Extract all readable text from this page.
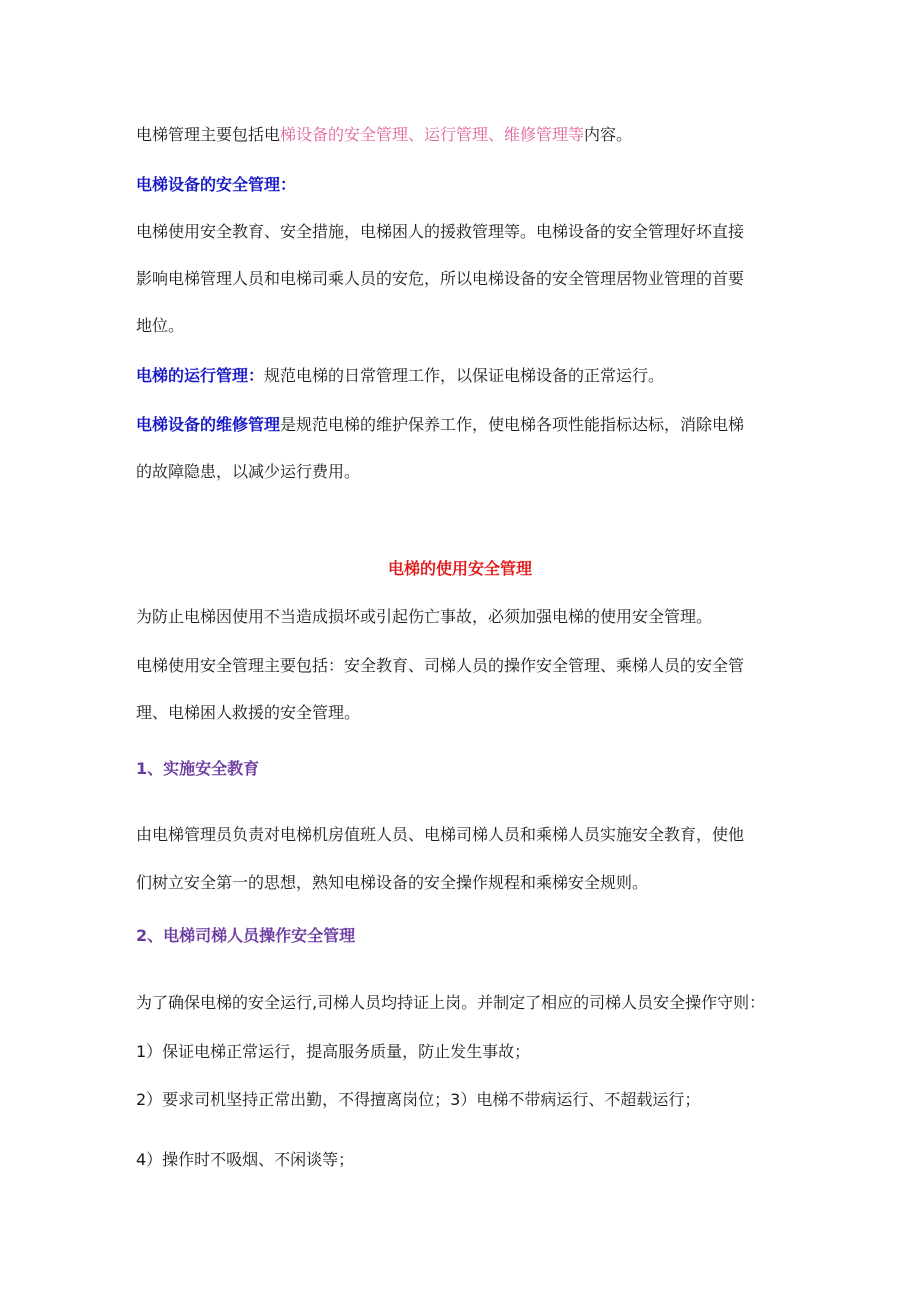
电梯管理主要包括电梯设备的安全管理、运行管理、维修管理等内容。
电梯设备的安全管理：
电梯使用安全教育、安全措施，电梯困人的援救管理等。电梯设备的安全管理好坏直接
影响电梯管理人员和电梯司乘人员的安危，所以电梯设备的安全管理居物业管理的首要
地位。
电梯的运行管理：规范电梯的日常管理工作，以保证电梯设备的正常运行。
电梯设备的维修管理是规范电梯的维护保养工作，使电梯各项性能指标达标，消除电梯
的故障隐患，以减少运行费用。
电梯的使用安全管理
为防止电梯因使用不当造成损坏或引起伤亡事故，必须加强电梯的使用安全管理。
电梯使用安全管理主要包括：安全教育、司梯人员的操作安全管理、乘梯人员的安全管
理、电梯困人救援的安全管理。
1、实施安全教育
由电梯管理员负责对电梯机房值班人员、电梯司梯人员和乘梯人员实施安全教育，使他
们树立安全第一的思想，熟知电梯设备的安全操作规程和乘梯安全规则。
2、电梯司梯人员操作安全管理
为了确保电梯的安全运行,司梯人员均持证上岗。并制定了相应的司梯人员安全操作守则：
1）保证电梯正常运行，提高服务质量，防止发生事故；
2）要求司机坚持正常出勤，不得擅离岗位；3）电梯不带病运行、不超载运行；
4）操作时不吸烟、不闲谈等；
